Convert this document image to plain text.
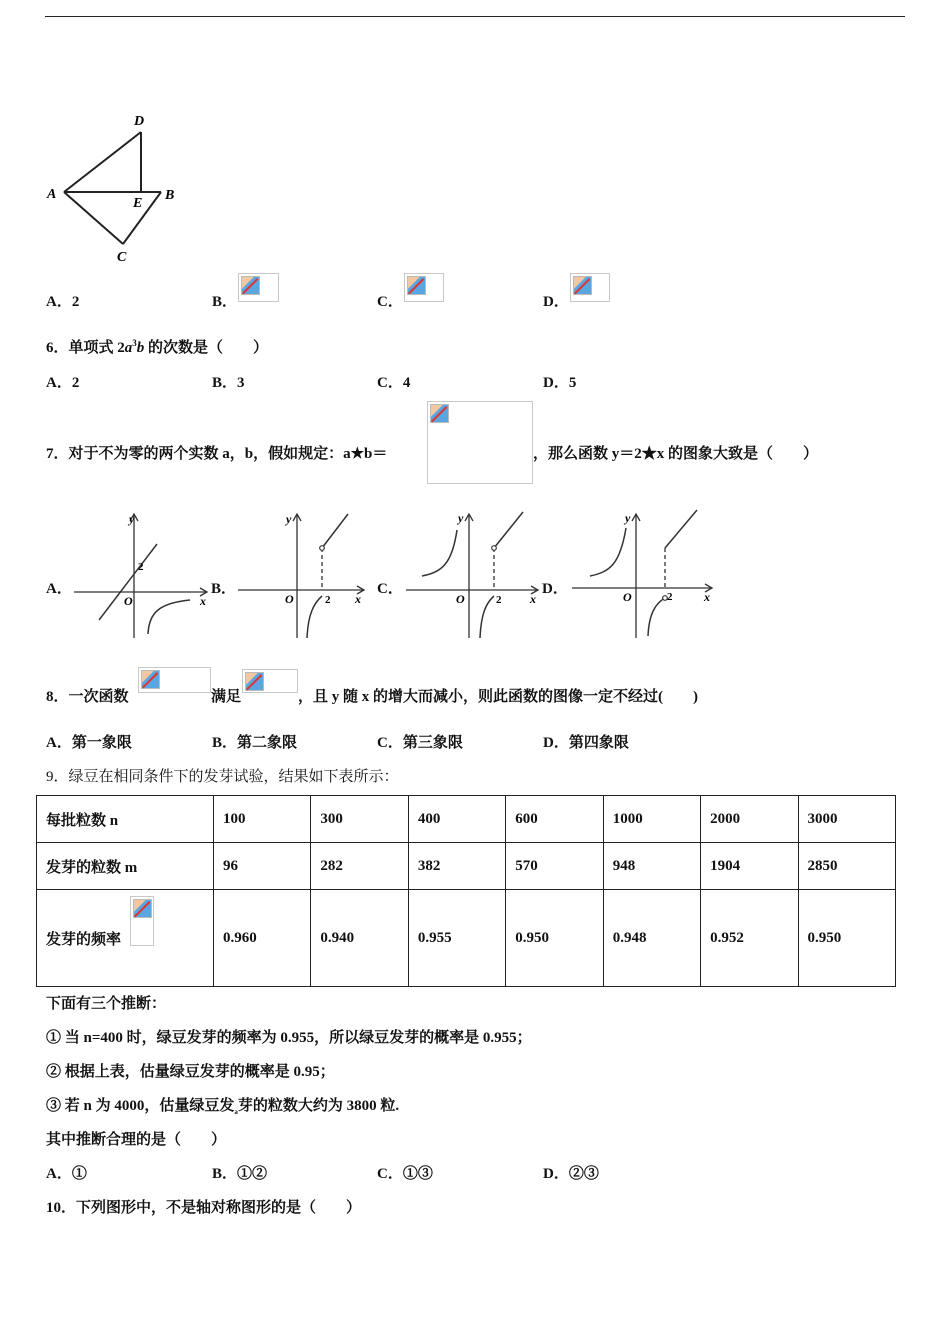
D
A
E
B
C
A．2	B．	C．	D．
6．单项式 $2a^3b$ 的次数是（　　）
A．2	B．3	C．4	D．5
7．对于不为零的两个实数 a，b，假如规定：a★b＝	，那么函数 y＝2★x 的图象大致是（　　）
A．	B．	C．	D．
y
x
O
2
y
x
O	2
y
x
O	2
y
x
O	2
8．一次函数	满足	，且 y 随 x 的增大而减小，则此函数的图像一定不经过(　　)
A．第一象限	B．第二象限	C．第三象限	D．第四象限
9．绿豆在相同条件下的发芽试验，结果如下表所示：
每批粒数 n	100	300	400	600	1000	2000	3000
发芽的粒数 m	96	282	382	570	948	1904	2850
发芽的频率	0.960	0.940	0.955	0.950	0.948	0.952	0.950
下面有三个推断：
① 当 n=400 时，绿豆发芽的频率为 0.955，所以绿豆发芽的概率是 0.955；
② 根据上表，估量绿豆发芽的概率是 0.95；
③ 若 n 为 4000，估量绿豆发$_a$芽的粒数大约为 3800 粒.
其中推断合理的是（　　）
A．①	B．①②	C．①③	D．②③
10．下列图形中，不是轴对称图形的是（　　）
